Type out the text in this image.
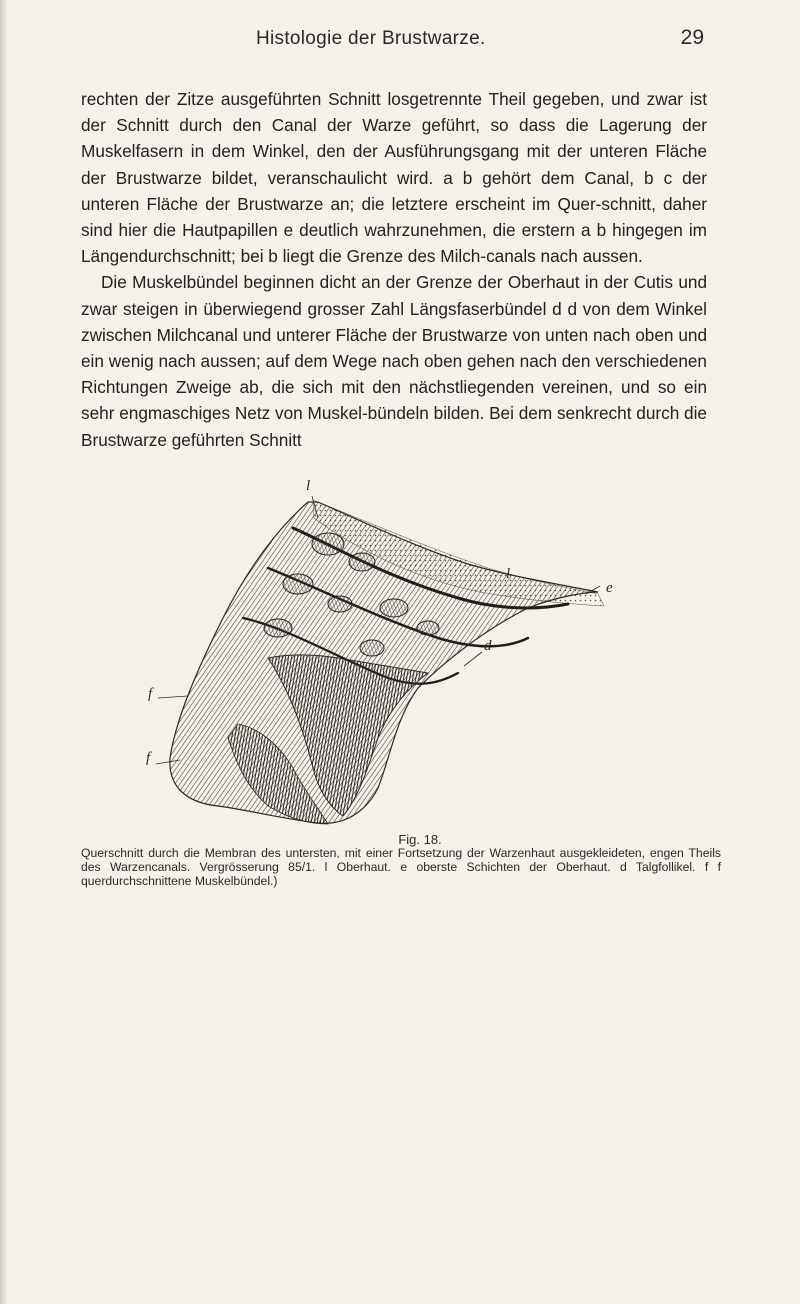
Histologie der Brustwarze.	29

rechten der Zitze ausgeführten Schnitt losgetrennte Theil gegeben, und zwar ist der Schnitt durch den Canal der Warze geführt, so dass die Lagerung der Muskelfasern in dem Winkel, den der Ausführungsgang mit der unteren Fläche der Brustwarze bildet, veranschaulicht wird. a b gehört dem Canal, b c der unteren Fläche der Brustwarze an; die letztere erscheint im Quer-schnitt, daher sind hier die Hautpapillen e deutlich wahrzunehmen, die erstern a b hingegen im Längendurchschnitt; bei b liegt die Grenze des Milch-canals nach aussen.

Die Muskelbündel beginnen dicht an der Grenze der Oberhaut in der Cutis und zwar steigen in überwiegend grosser Zahl Längsfaserbündel d d von dem Winkel zwischen Milchcanal und unterer Fläche der Brustwarze von unten nach oben und ein wenig nach aussen; auf dem Wege nach oben gehen nach den verschiedenen Richtungen Zweige ab, die sich mit den nächstliegenden vereinen, und so ein sehr engmaschiges Netz von Muskel-bündeln bilden. Bei dem senkrecht durch die Brustwarze geführten Schnitt

l
l
e
d
f
f
Fig. 18.

Querschnitt durch die Membran des untersten, mit einer Fortsetzung der Warzenhaut ausgekleideten, engen Theils des Warzencanals. Vergrösserung 85/1. l Oberhaut. e oberste Schichten der Oberhaut. d Talgfollikel. f f querdurchschnittene Muskelbündel.)
